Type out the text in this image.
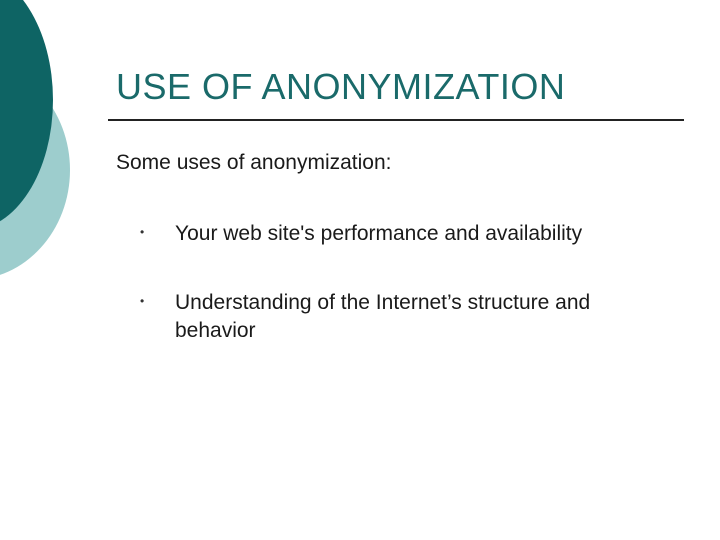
USE OF ANONYMIZATION

Some uses of anonymization:

• Your web site's performance and availability
• Understanding of the Internet’s structure and behavior
